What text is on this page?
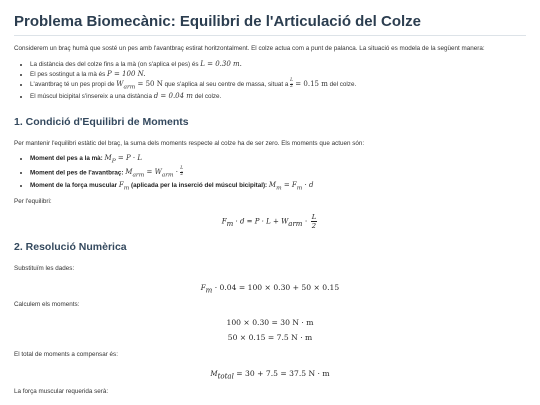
Problema Biomecànic: Equilibri de l'Articulació del Colze

Considerem un braç humà que sosté un pes amb l'avantbraç estirat horitzontalment. El colze actua com a punt de palanca. La situació es modela de la següent manera:

• La distància des del colze fins a la mà (on s'aplica el pes) és L = 0.30 m.
• El pes sostingut a la mà és P = 100 N.
• L'avantbraç té un pes propi de $W_{arm} = 50$ N que s'aplica al seu centre de massa, situat a $\frac{L}{2} = 0.15$ m del colze.
• El múscul bicipital s'insereix a una distància d = 0.04 m del colze.
1. Condició d'Equilibri de Moments

Per mantenir l'equilibri estàtic del braç, la suma dels moments respecte al colze ha de ser zero. Els moments que actuen són:

• Moment del pes a la mà: $M_P = P \cdot L$
• Moment del pes de l'avantbraç: $M_{arm} = W_{arm} \cdot \frac{L}{2}$
• Moment de la força muscular $F_m$ (aplicada per la inserció del múscul bicipital): $M_m = F_m \cdot d$

Per l'equilibri:

$F_m \cdot d = P \cdot L + W_{arm} \cdot \frac{L}{2}$
2. Resolució Numèrica

Substituïm les dades:

$F_m \cdot 0.04 = 100 \times 0.30 + 50 \times 0.15$

Calculem els moments:

100 × 0.30 = 30 N · m
50 × 0.15 = 7.5 N · m

El total de moments a compensar és:

$M_{total} = 30 + 7.5 = 37.5$ N · m

La força muscular requerida serà:
